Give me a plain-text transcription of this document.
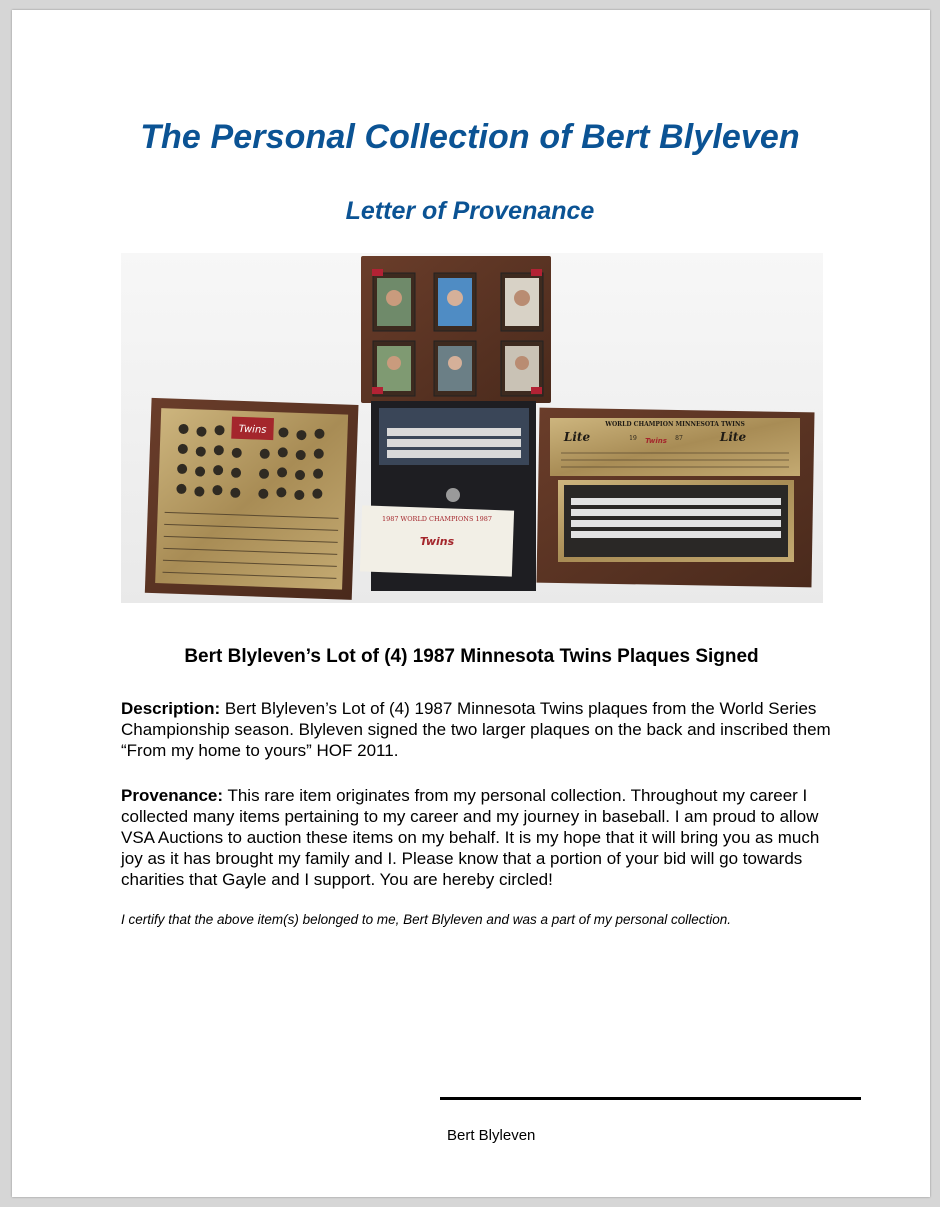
The Personal Collection of Bert Blyleven
Letter of Provenance
Twins
1987 WORLD CHAMPIONS 1987
Twins
WORLD CHAMPION MINNESOTA TWINS
Lite	Lite
19	87
Twins
Bert Blyleven’s Lot of (4) 1987 Minnesota Twins Plaques Signed
Description: Bert Blyleven’s Lot of (4) 1987 Minnesota Twins plaques from the World Series Championship season. Blyleven signed the two larger plaques on the back and inscribed them “From my home to yours” HOF 2011.
Provenance: This rare item originates from my personal collection. Throughout my career I collected many items pertaining to my career and my journey in baseball. I am proud to allow VSA Auctions to auction these items on my behalf. It is my hope that it will bring you as much joy as it has brought my family and I. Please know that a portion of your bid will go towards charities that Gayle and I support. You are hereby circled!
I certify that the above item(s) belonged to me, Bert Blyleven and was a part of my personal collection.
Bert Blyleven
